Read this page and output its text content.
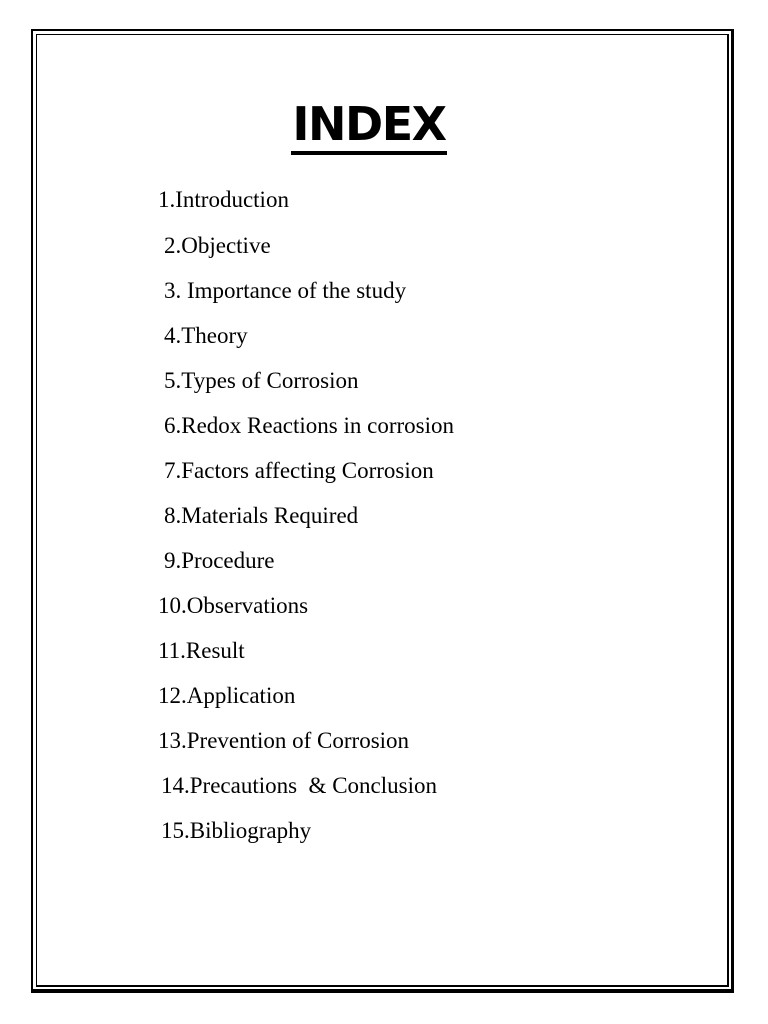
INDEX
1.Introduction
2.Objective
3. Importance of the study
4.Theory
5.Types of Corrosion
6.Redox Reactions in corrosion
7.Factors affecting Corrosion
8.Materials Required
9.Procedure
10.Observations
11.Result
12.Application
13.Prevention of Corrosion
14.Precautions  & Conclusion
15.Bibliography
